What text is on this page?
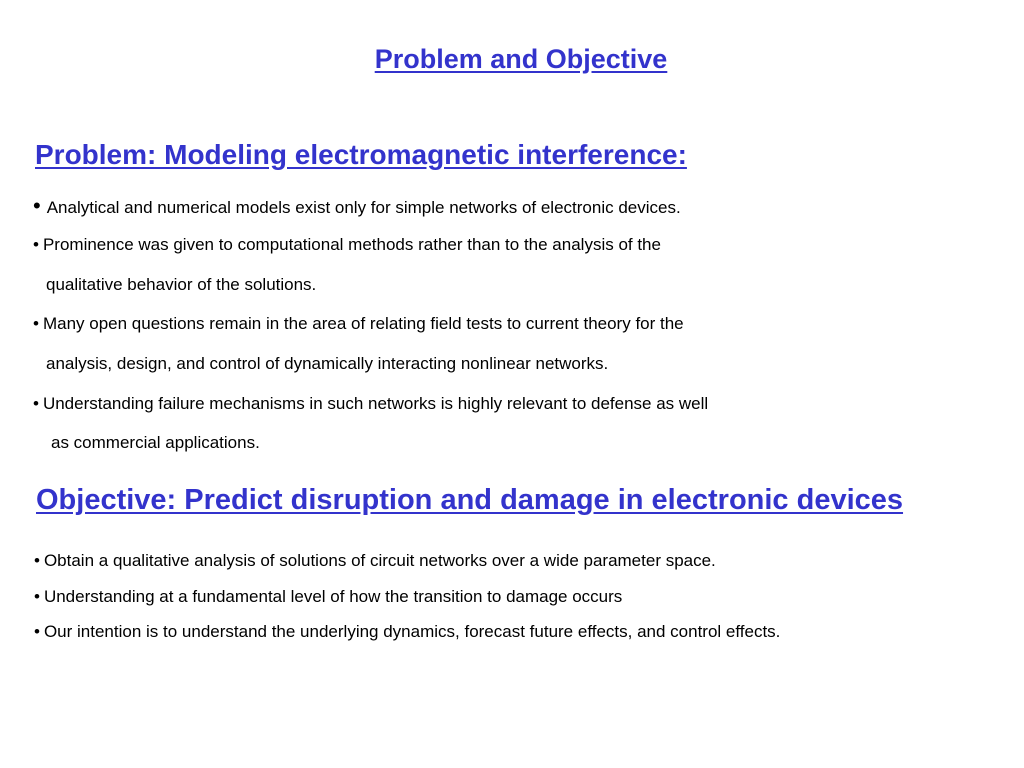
Problem and Objective
Problem: Modeling electromagnetic interference:
• Analytical and numerical models exist only for simple networks of electronic devices.
• Prominence was given to computational methods rather than to the analysis of the
qualitative behavior of the solutions.
• Many open questions remain in the area of relating field tests to current theory for the
analysis, design, and control of dynamically interacting nonlinear networks.
• Understanding failure mechanisms in such networks is highly relevant to defense as well
as commercial applications.
Objective: Predict disruption and damage in electronic devices
• Obtain a qualitative analysis of solutions of circuit networks over a wide parameter space.
• Understanding at a fundamental level of how the transition to damage occurs
• Our intention is to understand the underlying dynamics, forecast future effects, and control effects.
